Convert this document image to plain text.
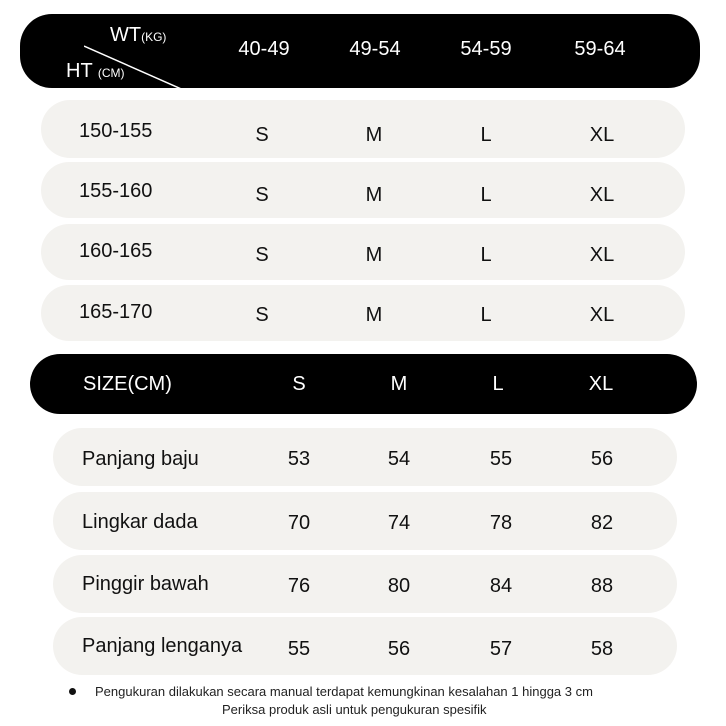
WT(KG)
HT (CM)
40-49	49-54	54-59	59-64
150-155	S	M	L	XL
155-160	S	M	L	XL
160-165	S	M	L	XL
165-170	S	M	L	XL
SIZE(CM)	S	M	L	XL
Panjang baju	53	54	55	56
Lingkar dada	70	74	78	82
Pinggir bawah	76	80	84	88
Panjang lenganya 55	56	57	58
Pengukuran dilakukan secara manual terdapat kemungkinan kesalahan 1 hingga 3 cm
Periksa produk asli untuk pengukuran spesifik
